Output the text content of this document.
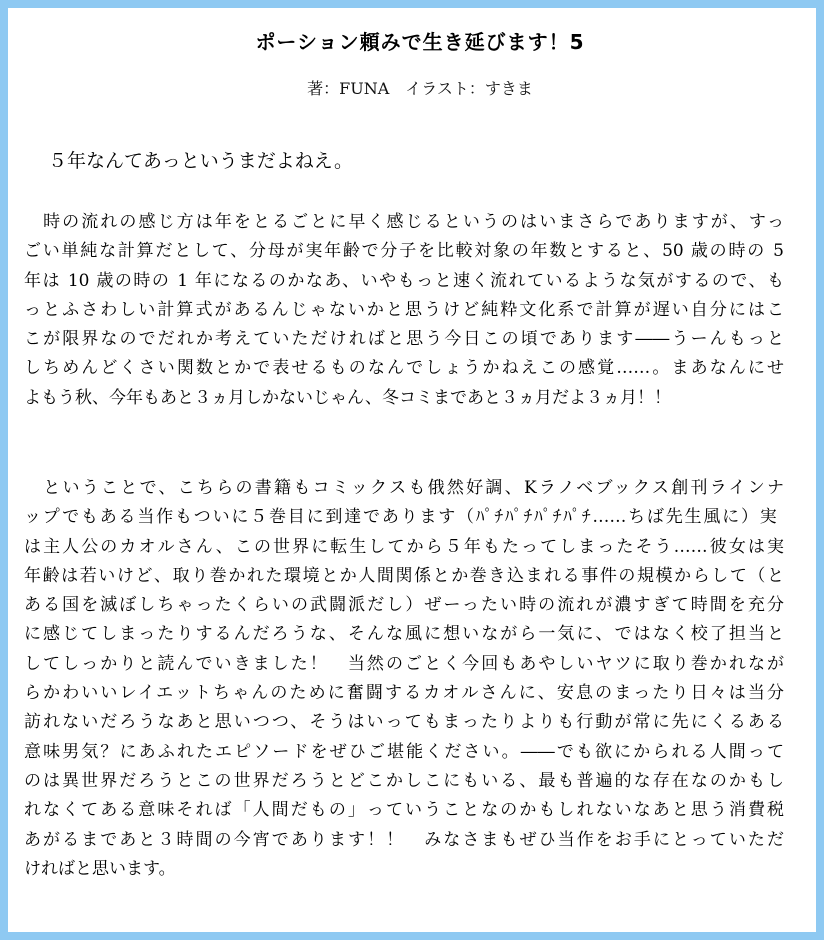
ポーション頼みで生き延びます！5
著：FUNA　イラスト：すきま
５年なんてあっというまだよねえ。
　時の流れの感じ方は年をとるごとに早く感じるというのはいまさらでありますが、すっ
ごい単純な計算だとして、分母が実年齢で分子を比較対象の年数とすると、50 歳の時の 5
年は 10 歳の時の 1 年になるのかなあ、いやもっと速く流れているような気がするので、も
っとふさわしい計算式があるんじゃないかと思うけど純粋文化系で計算が遅い自分にはこ
こが限界なのでだれか考えていただければと思う今日この頃であります――うーんもっと
しちめんどくさい関数とかで表せるものなんでしょうかねえこの感覚……。まあなんにせ
よもう秋、今年もあと３ヵ月しかないじゃん、冬コミまであと３ヵ月だよ３ヵ月！！
　ということで、こちらの書籍もコミックスも俄然好調、Kラノベブックス創刊ラインナ
ップでもある当作もついに５巻目に到達であります（ﾊﾟﾁﾊﾟﾁﾊﾟﾁﾊﾟﾁ……ちば先生風に）実
は主人公のカオルさん、この世界に転生してから５年もたってしまったそう……彼女は実
年齢は若いけど、取り巻かれた環境とか人間関係とか巻き込まれる事件の規模からして（と
ある国を滅ぼしちゃったくらいの武闘派だし）ぜーったい時の流れが濃すぎて時間を充分
に感じてしまったりするんだろうな、そんな風に想いながら一気に、ではなく校了担当と
してしっかりと読んでいきました！　当然のごとく今回もあやしいヤツに取り巻かれなが
らかわいいレイエットちゃんのために奮闘するカオルさんに、安息のまったり日々は当分
訪れないだろうなあと思いつつ、そうはいってもまったりよりも行動が常に先にくるある
意味男気？にあふれたエピソードをぜひご堪能ください。――でも欲にかられる人間って
のは異世界だろうとこの世界だろうとどこかしこにもいる、最も普遍的な存在なのかもし
れなくてある意味それば「人間だもの」っていうことなのかもしれないなあと思う消費税
あがるまであと３時間の今宵であります！！　みなさまもぜひ当作をお手にとっていただ
ければと思います。
